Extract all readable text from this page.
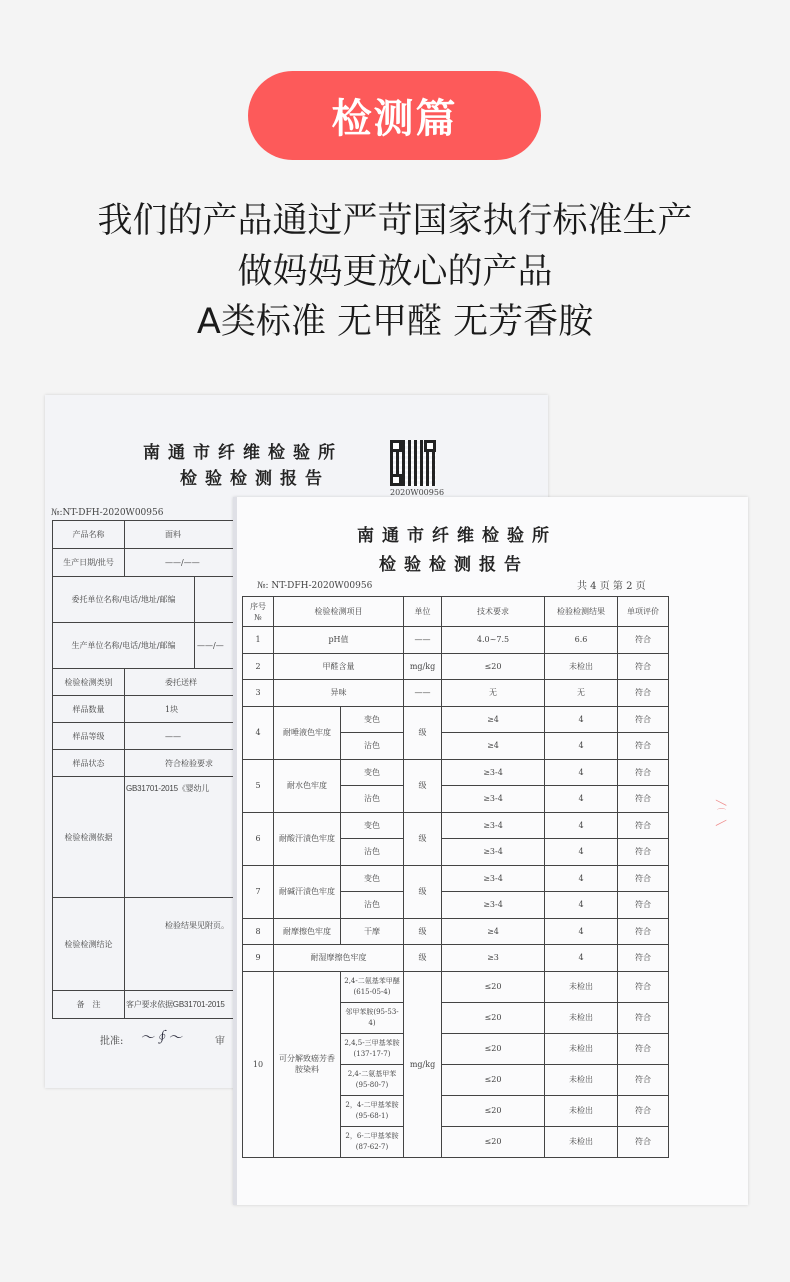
检测篇
我们的产品通过严苛国家执行标准生产
做妈妈更放心的产品
A类标准 无甲醛 无芳香胺
南通市纤维检验所
检验检测报告
2020W00956
№:NT-DFH-2020W00956
产品名称	面料	
生产日期/批号	——/——	
委托单位名称/电话/地址/邮编		
生产单位名称/电话/地址/邮编		——/—
检验检测类别	委托送样	
样品数量	1块	
样品等级	——	
样品状态	符合检验要求	
检验检测依据	GB31701-2015《婴幼儿	
检验检测结论	检验结果见附页。	
备　注	客户要求依据GB31701-2015	
批准: 〜∮〜	审
南通市纤维检验所
检验检测报告
№: NT-DFH-2020W00956	共 4 页 第 2 页
序号 №	检验检测项目		单位	技术要求	检验检测结果	单项评价
1	pH值		——	4.0~7.5	6.6	符合
2	甲醛含量		mg/kg	≤20	未检出	符合
3	异味		——	无	无	符合
4	耐唾液色牢度	变色	级	≥4	4	符合
		沾色		≥4	4	符合
5	耐水色牢度	变色	级	≥3-4	4	符合
		沾色		≥3-4	4	符合
6	耐酸汗渍色牢度	变色	级	≥3-4	4	符合
		沾色		≥3-4	4	符合
7	耐碱汗渍色牢度	变色	级	≥3-4	4	符合
		沾色		≥3-4	4	符合
8	耐摩擦色牢度	干摩	级	≥4	4	符合
9	耐湿摩擦色牢度		级	≥3	4	符合
10	可分解致癌芳香胺染料	2,4-二氨基苯甲醚(615-05-4)	mg/kg	≤20	未检出	符合
		邻甲苯胺(95-53-4)		≤20	未检出	符合
		2,4,5-三甲基苯胺(137-17-7)		≤20	未检出	符合
		2,4-二氨基甲苯(95-80-7)		≤20	未检出	符合
		2，4-二甲基苯胺(95-68-1)		≤20	未检出	符合
		2，6-二甲基苯胺(87-62-7)		≤20	未检出	符合
╱ ⌒ ╲
